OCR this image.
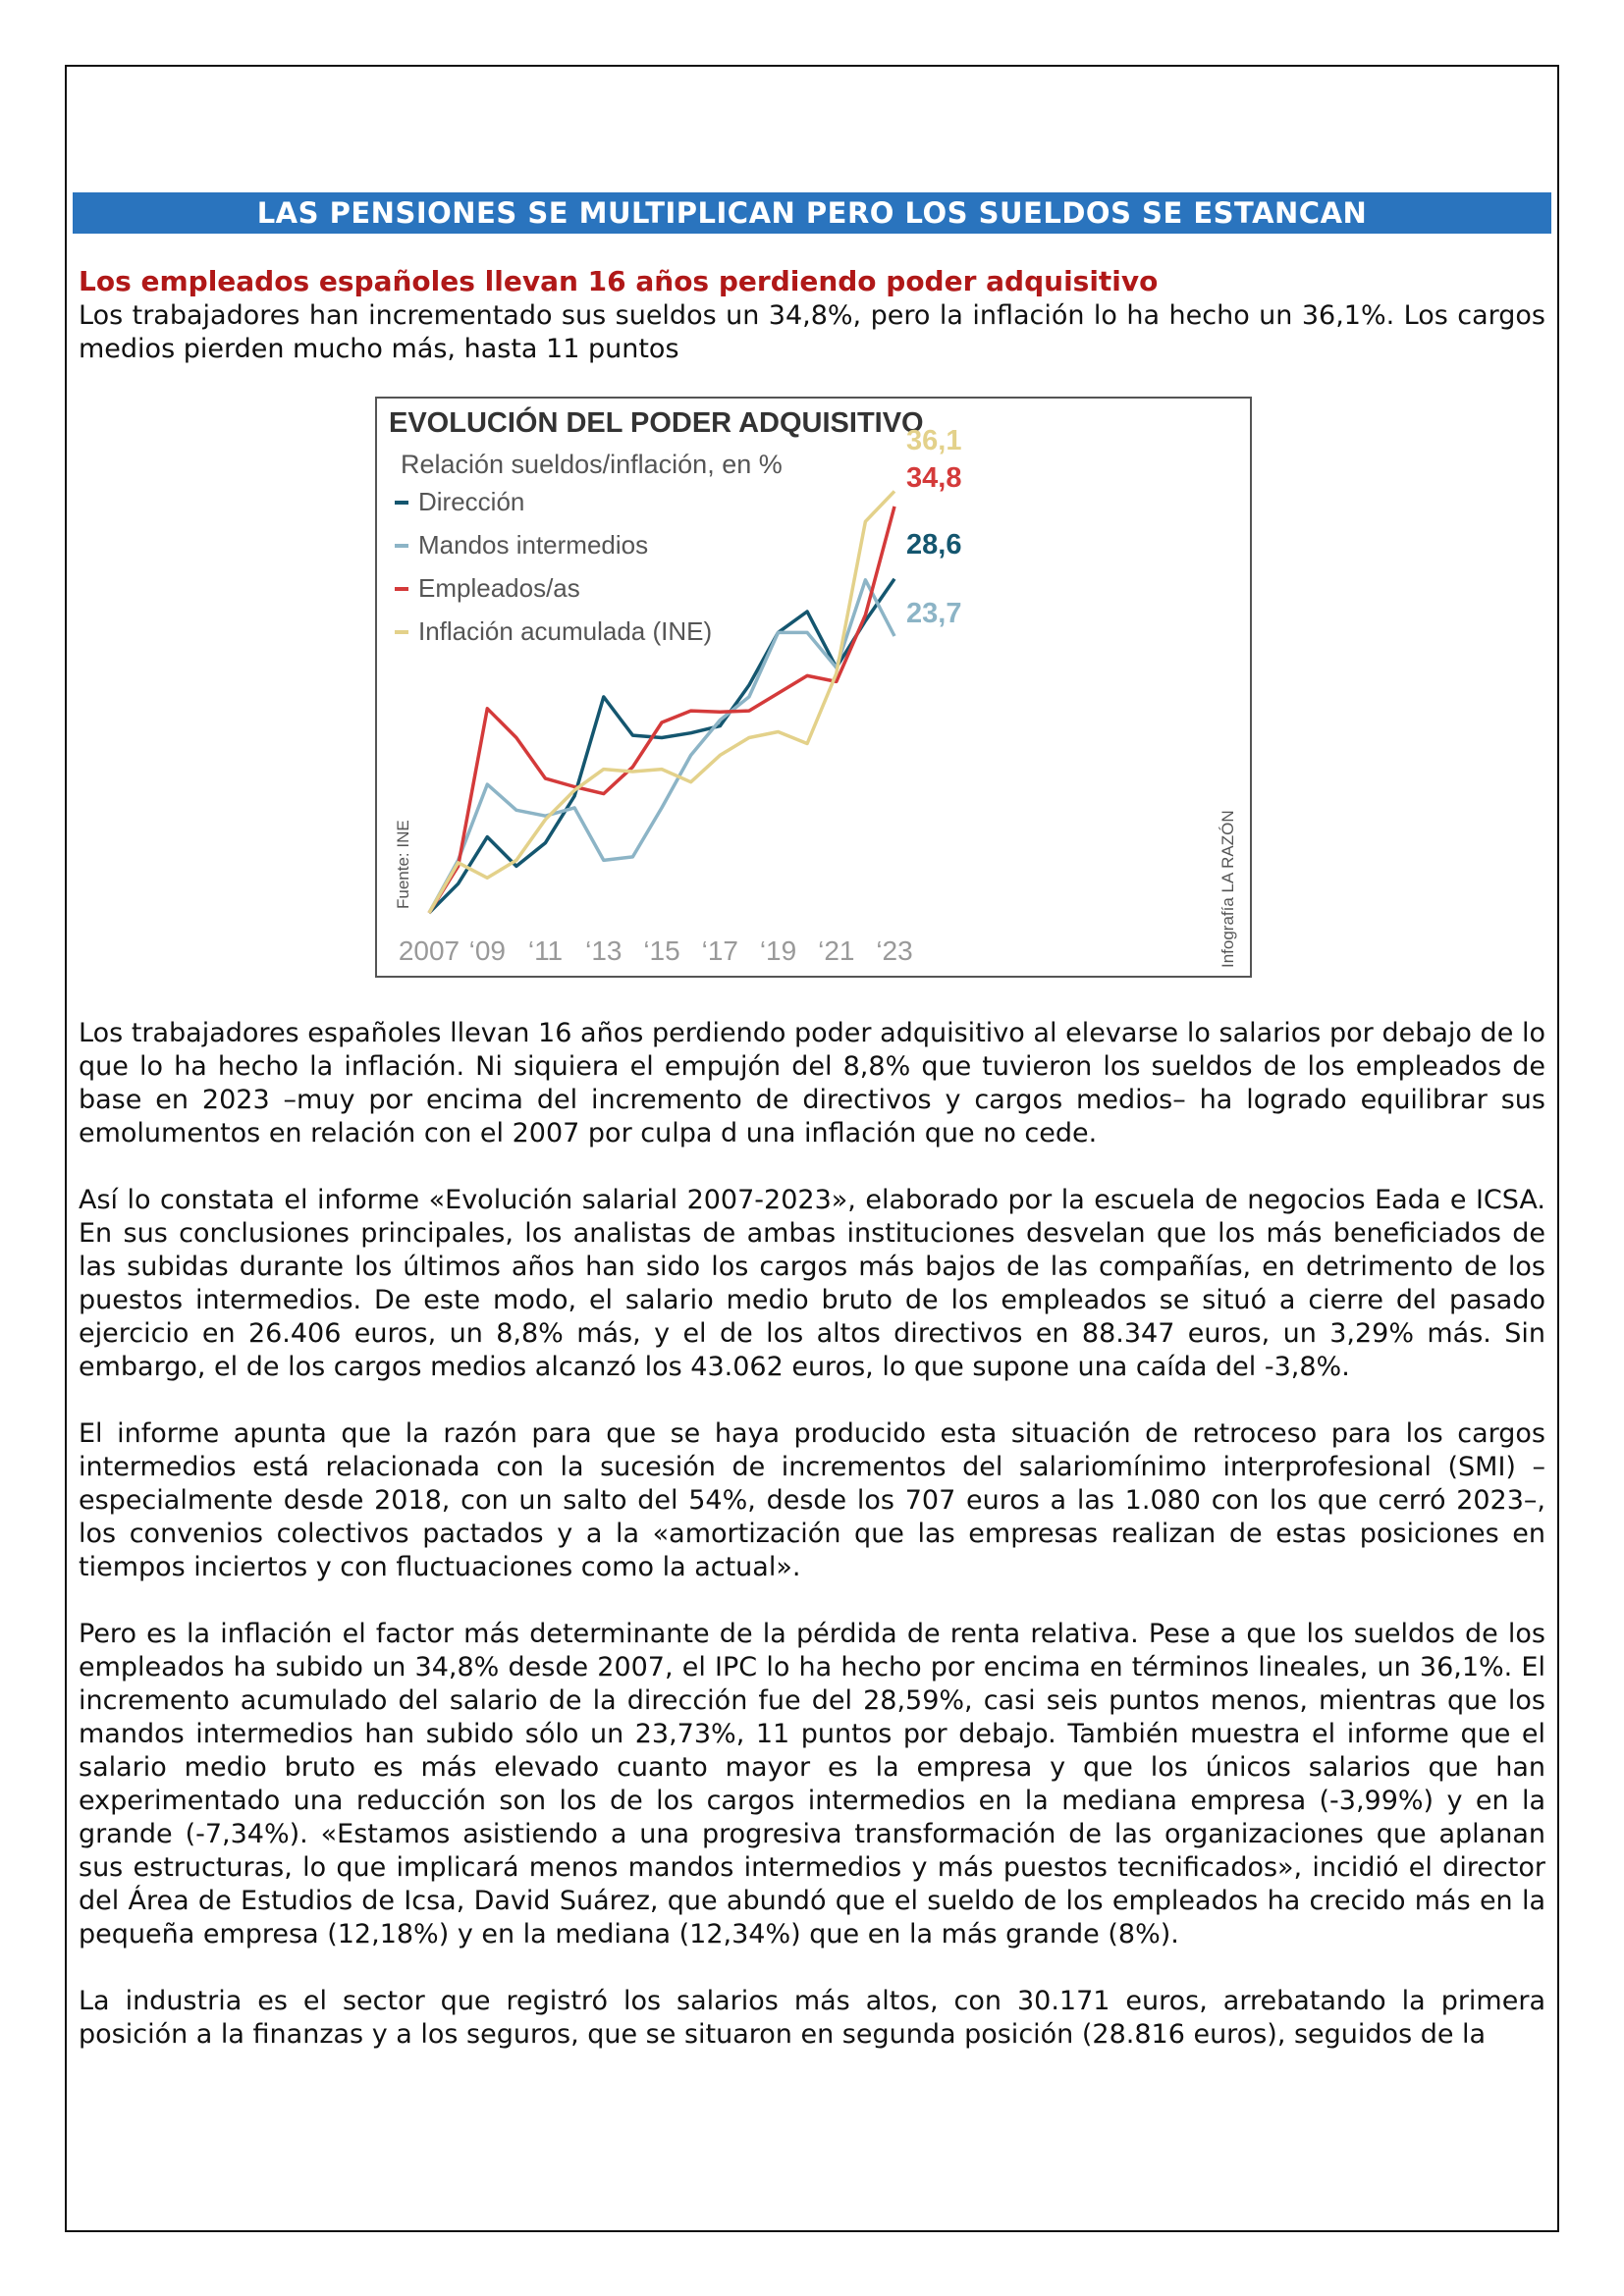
LAS PENSIONES SE MULTIPLICAN PERO LOS SUELDOS SE ESTANCAN
Los empleados españoles llevan 16 años perdiendo poder adquisitivo
Los trabajadores han incrementado sus sueldos un 34,8%, pero la inflación lo ha hecho un 36,1%. Los cargos medios pierden mucho más, hasta 11 puntos
EVOLUCIÓN DEL PODER ADQUISITIVO
Relación sueldos/inflación, en %
Dirección
Mandos intermedios
Empleados/as
Inflación acumulada (INE)
36,1
34,8
28,6
23,7
2007 ‘09 ‘11 ‘13 ‘15 ‘17 ‘19 ‘21 ‘23
Fuente: INE	Infografía LA RAZÓN

Los trabajadores españoles llevan 16 años perdiendo poder adquisitivo al elevarse lo salarios por debajo de lo que lo ha hecho la inflación. Ni siquiera el empujón del 8,8% que tuvieron los sueldos de los empleados de base en 2023 –muy por encima del incremento de directivos y cargos medios– ha logrado equilibrar sus emolumentos en relación con el 2007 por culpa d una inflación que no cede.

Así lo constata el informe «Evolución salarial 2007-2023», elaborado por la escuela de negocios Eada e ICSA. En sus conclusiones principales, los analistas de ambas instituciones desvelan que los más beneficiados de las subidas durante los últimos años han sido los cargos más bajos de las compañías, en detrimento de los puestos intermedios. De este modo, el salario medio bruto de los empleados se situó a cierre del pasado ejercicio en 26.406 euros, un 8,8% más, y el de los altos directivos en 88.347 euros, un 3,29% más. Sin embargo, el de los cargos medios alcanzó los 43.062 euros, lo que supone una caída del -3,8%.

El informe apunta que la razón para que se haya producido esta situación de retroceso para los cargos intermedios está relacionada con la sucesión de incrementos del salariomínimo interprofesional (SMI) –especialmente desde 2018, con un salto del 54%, desde los 707 euros a las 1.080 con los que cerró 2023–, los convenios colectivos pactados y a la «amortización que las empresas realizan de estas posiciones en tiempos inciertos y con fluctuaciones como la actual».

Pero es la inflación el factor más determinante de la pérdida de renta relativa. Pese a que los sueldos de los empleados ha subido un 34,8% desde 2007, el IPC lo ha hecho por encima en términos lineales, un 36,1%. El incremento acumulado del salario de la dirección fue del 28,59%, casi seis puntos menos, mientras que los mandos intermedios han subido sólo un 23,73%, 11 puntos por debajo. También muestra el informe que el salario medio bruto es más elevado cuanto mayor es la empresa y que los únicos salarios que han experimentado una reducción son los de los cargos intermedios en la mediana empresa (-3,99%) y en la grande (-7,34%). «Estamos asistiendo a una progresiva transformación de las organizaciones que aplanan sus estructuras, lo que implicará menos mandos intermedios y más puestos tecnificados», incidió el director del Área de Estudios de Icsa, David Suárez, que abundó que el sueldo de los empleados ha crecido más en la pequeña empresa (12,18%) y en la mediana (12,34%) que en la más grande (8%).

La industria es el sector que registró los salarios más altos, con 30.171 euros, arrebatando la primera posición a la finanzas y a los seguros, que se situaron en segunda posición (28.816 euros), seguidos de la
